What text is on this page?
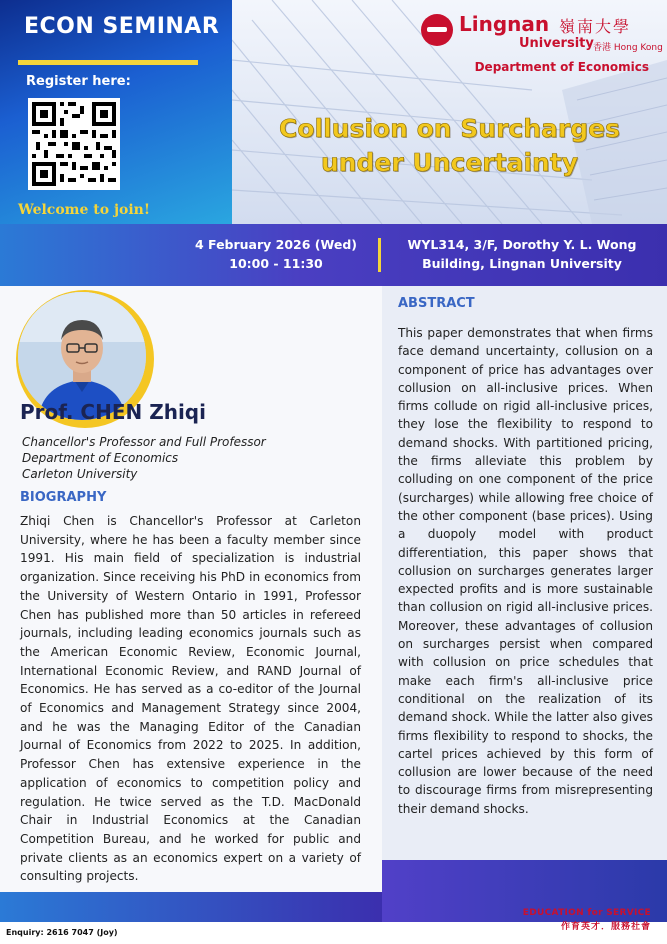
ECON SEMINAR
Register here:
Welcome to join!
Lingnan 嶺南大學
University 香港 Hong Kong
Department of Economics
Collusion on Surcharges
under Uncertainty
4 February 2026 (Wed)
10:00 - 11:30
WYL314, 3/F, Dorothy Y. L. Wong
Building, Lingnan University
Prof. CHEN Zhiqi
Chancellor's Professor and Full Professor
Department of Economics
Carleton University
BIOGRAPHY
Zhiqi Chen is Chancellor's Professor at Carleton University, where he has been a faculty member since 1991. His main field of specialization is industrial organization. Since receiving his PhD in economics from the University of Western Ontario in 1991, Professor Chen has published more than 50 articles in refereed journals, including leading economics journals such as the American Economic Review, Economic Journal, International Economic Review, and RAND Journal of Economics. He has served as a co-editor of the Journal of Economics and Management Strategy since 2004, and he was the Managing Editor of the Canadian Journal of Economics from 2022 to 2025. In addition, Professor Chen has extensive experience in the application of economics to competition policy and regulation. He twice served as the T.D. MacDonald Chair in Industrial Economics at the Canadian Competition Bureau, and he worked for public and private clients as an economics expert on a variety of consulting projects.
ABSTRACT
This paper demonstrates that when firms face demand uncertainty, collusion on a component of price has advantages over collusion on all-inclusive prices. When firms collude on rigid all-inclusive prices, they lose the flexibility to respond to demand shocks. With partitioned pricing, the firms alleviate this problem by colluding on one component of the price (surcharges) while allowing free choice of the other component (base prices). Using a duopoly model with product differentiation, this paper shows that collusion on surcharges generates larger expected profits and is more sustainable than collusion on rigid all-inclusive prices. Moreover, these advantages of collusion on surcharges persist when compared with collusion on price schedules that make each firm's all-inclusive price conditional on the realization of its demand shock. While the latter also gives firms flexibility to respond to shocks, the cartel prices achieved by this form of collusion are lower because of the need to discourage firms from misrepresenting their demand shocks.
Enquiry: 2616 7047 (Joy)
EDUCATION for SERVICE
作育英才．服務社會
